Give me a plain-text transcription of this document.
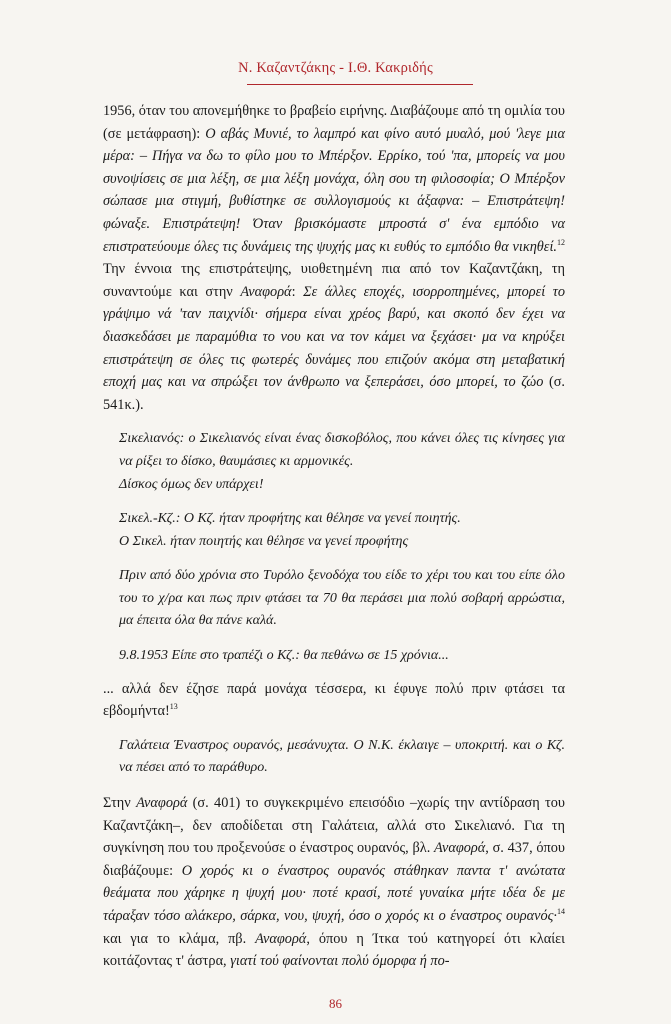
Ν. Καζαντζάκης - Ι.Θ. Κακριδής

1956, όταν του απονεμήθηκε το βραβείο ειρήνης. Διαβάζουμε από τη ομιλία του (σε μετάφραση): Ο αβάς Μυνιέ, το λαμπρό και φίνο αυτό μυαλό, μού 'λεγε μια μέρα: – Πήγα να δω το φίλο μου το Μπέρξον. Ερρίκο, τού 'πα, μπορείς να μου συνοψίσεις σε μια λέξη, σε μια λέξη μονάχα, όλη σου τη φιλοσοφία; Ο Μπέρξον σώπασε μια στιγμή, βυθίστηκε σε συλλογισμούς κι άξαφνα: – Επιστράτεψη! φώναξε. Επιστράτεψη! Όταν βρισκόμαστε μπροστά σ' ένα εμπόδιο να επιστρατεύουμε όλες τις δυνάμεις της ψυχής μας κι ευθύς το εμπόδιο θα νικηθεί.$^{12}$ Την έννοια της επιστράτεψης, υιοθετημένη πια από τον Καζαντζάκη, τη συναντούμε και στην Αναφορά: Σε άλλες εποχές, ισορροπημένες, μπορεί το γράψιμο νά 'ταν παιχνίδι· σήμερα είναι χρέος βαρύ, και σκοπό δεν έχει να διασκεδάσει με παραμύθια το νου και να τον κάμει να ξεχάσει· μα να κηρύξει επιστράτεψη σε όλες τις φωτερές δυνάμες που επιζούν ακόμα στη μεταβατική εποχή μας και να σπρώξει τον άνθρωπο να ξεπεράσει, όσο μπορεί, το ζώο (σ. 541κ.).

Σικελιανός: ο Σικελιανός είναι ένας δισκοβόλος, που κάνει όλες τις κίνησες για να ρίξει το δίσκο, θαυμάσιες κι αρμονικές.
Δίσκος όμως δεν υπάρχει!

Σικελ.-Κζ.: Ο Κζ. ήταν προφήτης και θέλησε να γενεί ποιητής.
Ο Σικελ. ήταν ποιητής και θέλησε να γενεί προφήτης

Πριν από δύο χρόνια στο Τυρόλο ξενοδόχα του είδε το χέρι του και του είπε όλο του το χ/ρα και πως πριν φτάσει τα 70 θα περάσει μια πολύ σοβαρή αρρώστια, μα έπειτα όλα θα πάνε καλά.

9.8.1953 Είπε στο τραπέζι ο Κζ.: θα πεθάνω σε 15 χρόνια...

... αλλά δεν έζησε παρά μονάχα τέσσερα, κι έφυγε πολύ πριν φτάσει τα εβδομήντα!$^{13}$

Γαλάτεια Έναστρος ουρανός, μεσάνυχτα. Ο Ν.Κ. έκλαιγε – υποκριτή. και ο Κζ. να πέσει από το παράθυρο.

Στην Αναφορά (σ. 401) το συγκεκριμένο επεισόδιο –χωρίς την αντίδραση του Καζαντζάκη–, δεν αποδίδεται στη Γαλάτεια, αλλά στο Σικελιανό. Για τη συγκίνηση που του προξενούσε ο έναστρος ουρανός, βλ. Αναφορά, σ. 437, όπου διαβάζουμε: Ο χορός κι ο έναστρος ουρανός στάθηκαν παντα τ' ανώτατα θεάματα που χάρηκε η ψυχή μου· ποτέ κρασί, ποτέ γυναίκα μήτε ιδέα δε με τάραξαν τόσο αλάκερο, σάρκα, νου, ψυχή, όσο ο χορός κι ο έναστρος ουρανός·$^{14}$ και για το κλάμα, πβ. Αναφορά, όπου η Ίτκα τού κατηγορεί ότι κλαίει κοιτάζοντας τ' άστρα, γιατί τού φαίνονται πολύ όμορφα ή πο-

86
